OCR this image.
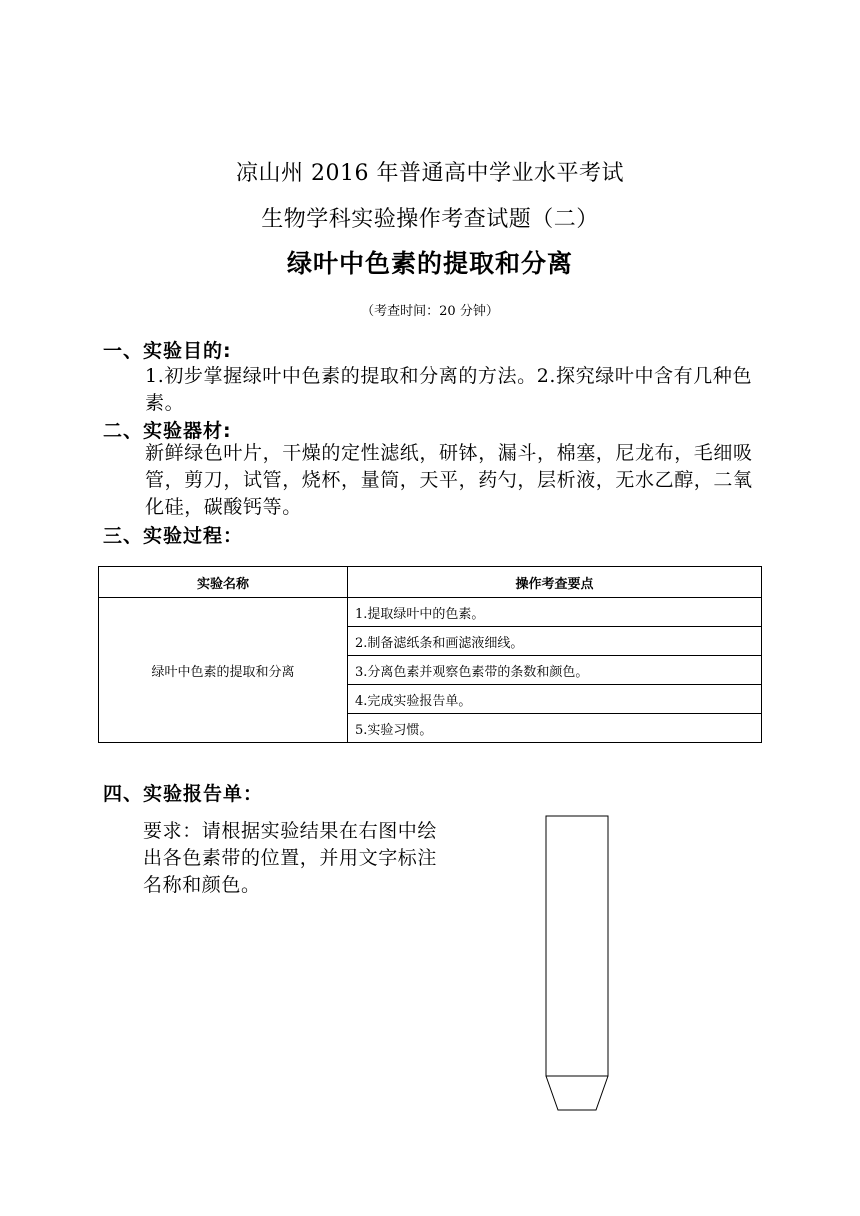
凉山州 2016 年普通高中学业水平考试
生物学科实验操作考查试题（二）
绿叶中色素的提取和分离
（考查时间：20 分钟）
一、实验目的:
1.初步掌握绿叶中色素的提取和分离的方法。2.探究绿叶中含有几种色素。
二、实验器材:
新鲜绿色叶片，干燥的定性滤纸，研钵，漏斗，棉塞，尼龙布，毛细吸管，剪刀，试管，烧杯，量筒，天平，药勺，层析液，无水乙醇，二氧化硅，碳酸钙等。
三、实验过程：
实验名称	操作考查要点
绿叶中色素的提取和分离	1.提取绿叶中的色素。
	2.制备滤纸条和画滤液细线。
	3.分离色素并观察色素带的条数和颜色。
	4.完成实验报告单。
	5.实验习惯。
四、实验报告单：
要求：请根据实验结果在右图中绘出各色素带的位置，并用文字标注名称和颜色。
